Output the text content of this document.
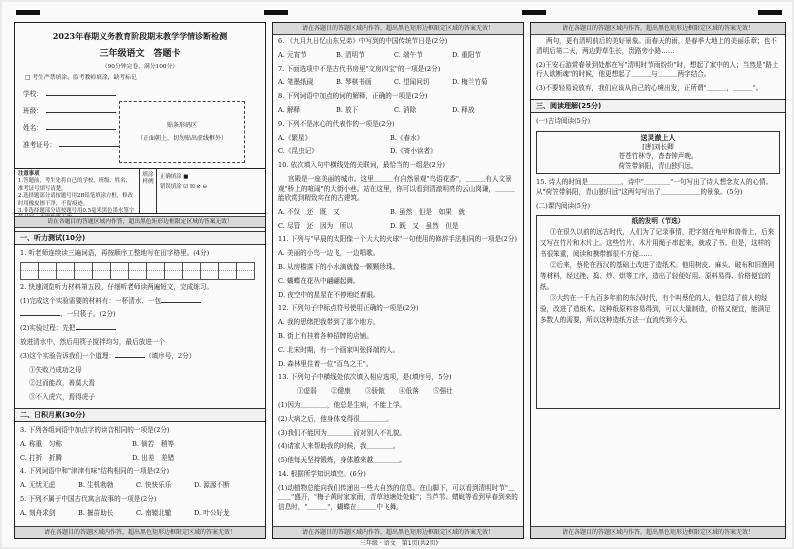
2023年春期义务教育阶段期末教学学情诊断检测
三年级语文　答题卡
（90分钟完卷，满分100分）
□ 考生严禁填涂，监考教师填涂，缺考标记
学校：
班级：
姓名：
准考证号：
贴条形码区
（正面朝上，切勿贴出虚线框外）
注意事项
1.答题前，考生先将自己的学校、班级、姓名、准考证号填写清楚。
2.选择题部分请按题号用2B铅笔填涂方框，修改时用橡皮擦干净，不留痕迹。
3.非选择题部分请按题号用0.5毫米黑色墨水签字
填涂样例
正确填涂 ■
错误填涂 ☑ ☒ ⊘ ⊖
请在各题目的答题区域内作答，超出黑色矩形边框限定区域的答案无效！
一、听力测试(10分)
1. 听老师连续读三遍词语，再按顺序工整地写在田字格里。(4分)
2. 快速浏览听力材料第五段，仔细听老师读两遍短文，完成练习。
(1)完成这个实验需要的材料有：一杯清水、一包
、一只筷子。(2分)
(2)实验过程：先把
放进清水中，然后用筷子搅拌均匀，最后放进一个
(3)这个实验告诉我们一个道理：	（填序号，2分）
①失败乃成功之母
②过而能改，善莫大焉
③不入虎穴，焉得虎子
二、日积月累(30分)
3. 下列各组词语中加点字的读音相同的一项是(2分)
A. 称重　匀称	B. 倘若　稍等
C. 打折　折腾	D. 出差　差错
4. 下列词语中和"津津有味"结构相同的一项是(2分)
A. 无忧无虑	B. 生机勃勃	C. 快快乐乐	D. 源源不断
5. 下列不属于中国古代寓言故事的一项是(2分)
A. 刻舟求剑	B. 揠苗助长	C. 南辕北辙	D. 叶公好龙
请在各题目的答题区域内作答，超出黑色矩形边框限定区域的答案无效！
请在各题目的答题区域内作答，超出黑色矩形边框限定区域的答案无效！
6. 《九月九日忆山东兄弟》中写到的中国传统节日是(2分)
A. 元宵节	B. 清明节	C. 端午节	D. 重阳节
7. 下面选项中不是古代书房里"文房四宝"的一项是(2分)
A. 笔墨纸砚	B. 琴棋书画	C. 望闻问切	D. 梅兰竹菊
8. 下列词语中加点的词的解释，正确的一项是(2分)
A. 解释	B. 放下	C. 消除	D. 释放
9. 下列不是冰心的代表作的一项是(2分)
A.《繁星》	B.《春水》
C.《昆虫记》	D.《寄小读者》
10. 依次填入句中横线处的关联词，最恰当的一组是(2分)
宫殿是一座美丽的城市。这里＿＿＿有自然景观"鸟语花香"，＿＿＿有人文景观"桥上的喧闹"的大街小巷。站在这里，你可以看到清澈明亮的云山岗谦，＿＿＿能欣赏到精致实在的古建筑。
A. 不仅　还　既　又	B. 虽然　但是　如果　就
C. 尽管　还　因为　所以	D. 既　又　虽然　但是
11. 下列与"早晨的太阳像一个大大的火球"一句使用的修辞手法相同的一项是(2分)
A. 美丽的小鸟一边飞，一边唱歌。
B. 从房檐落下的小水滴就像一颗颗珍珠。
C. 蝴蝶在花丛中翩翩起舞。
D. 夜空中的星星在不停地眨着眼。
12. 下列句子中标点符号使用正确的一项是(2分)
A. 我的思绪把我带到了那个地方。
B. 街上有挂着各种招牌的店铺。
C. 北宋时期，有一个画家叫张择端的人。
D. 森林里住着一位"百鸟之王"。
13. 下列句子中横线处依次填入相应选项，是(填序号，5分)
①虚弱 ②健康 ③骄傲 ④低落 ⑤强壮
(1)因为＿＿＿＿，他总是生病，不能上学。
(2)大病之后，他身体变得很＿＿＿＿。
(3)我们不能因为＿＿＿＿而对别人不礼貌。
(4)请家人来帮助我的时候，我＿＿＿＿。
(5)他每天坚持锻炼，身体越来越＿＿＿＿。
14. 根据所学知识填空。(6分)
(1)动植物总能向我们传递出一些大自然的信息。在山脚下，可以看到清明时节"＿＿＿"盛开，"梅子黄时家家雨，青草池塘处处蛙"；当芦苇、蜻蜓等看到早春到来的信息时，"＿＿＿"，蝴蝶在＿＿＿中飞舞。
请在各题目的答题区域内作答，超出黑色矩形边框限定区域的答案无效！
请在各题目的答题区域内作答，超出黑色矩形边框限定区域的答案无效！
两句，更有清明前后的美好景象。而春天的雨，是春季大地上的美丽乐章；也不清明后第二天，两边野草生长，贵路旁小路……
(2)王安石游赏春景到处都在写"清明时节雨纷纷"时，想起了家中的人；当然是"路上行人欲断魂"的时候，他更想起了＿＿＿与＿＿＿两字结合。
(3)不要轻易说放弃，我们应该从自己的心境出发，正所谓"＿＿＿，＿＿＿"。
三、阅读理解(25分)
(一)古诗阅读(5分)
送灵澈上人
[唐]刘长卿
苍苍竹林寺，杳杳钟声晚。
荷笠带斜阳，青山独归远。
15. 诗人的时间是＿＿＿＿＿，诗中"＿＿＿＿"一句写出了诗人想念友人的心情。从"荷笠带斜阳，青山独归远"这两句写出了＿＿＿＿＿＿的景象。(5分)
(二)课内阅读(5分)
纸的发明（节选）
①在很久以前的远古时代，人们为了记录事情，把字刻在龟甲和兽骨上，后来又写在竹片和木片上。这些竹片、木片用绳子串起来，就成了书。但是，这样的书很笨重，阅读和携带都很不方便……
②后来，蔡伦在西汉的基础上改进了造纸术。他用树皮、麻头、破布和旧渔网等材料，经过挫、捣、炒、烘等工序，造出了轻便好用、原料易得、价格便宜的纸。
③大约在一千九百多年前的东汉时代，有个叫蔡伦的人，他总结了前人的经验，改进了造纸术。这种纸原料容易得到，可以大量制造，价格又便宜，能满足多数人的需要，所以这种造纸方法一直流传到今天。
请在各题目的答题区域内作答，超出黑色矩形边框限定区域的答案无效！
三年级 · 语文　第1页(共2页)
